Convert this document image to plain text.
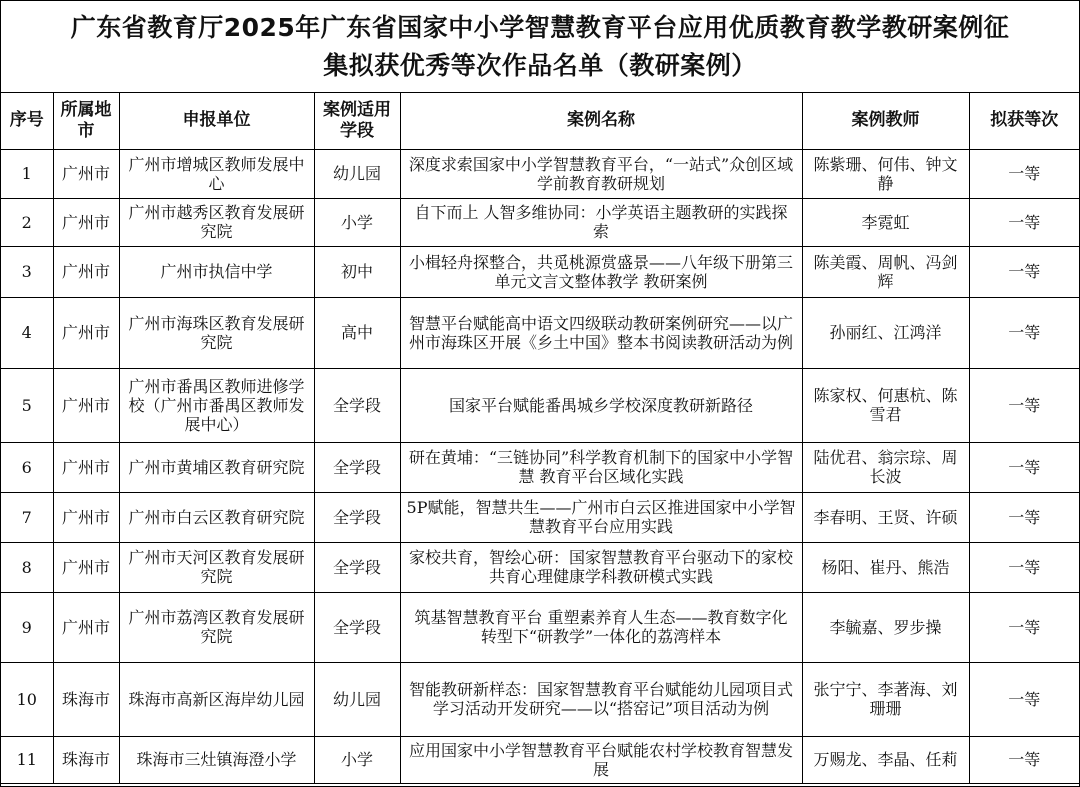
广东省教育厅2025年广东省国家中小学智慧教育平台应用优质教育教学教研案例征
集拟获优秀等次作品名单（教研案例）
序号	所属地市	申报单位	案例适用学段	案例名称	案例教师	拟获等次
1	广州市	广州市增城区教师发展中心	幼儿园	深度求索国家中小学智慧教育平台，“一站式”众创区域学前教育教研规划	陈紫珊、何伟、钟文静	一等
2	广州市	广州市越秀区教育发展研究院	小学	自下而上 人智多维协同：小学英语主题教研的实践探索	李霓虹	一等
3	广州市	广州市执信中学	初中	小楫轻舟探整合，共觅桃源赏盛景——八年级下册第三单元文言文整体教学 教研案例	陈美霞、周帆、冯剑辉	一等
4	广州市	广州市海珠区教育发展研究院	高中	智慧平台赋能高中语文四级联动教研案例研究——以广州市海珠区开展《乡土中国》整本书阅读教研活动为例	孙丽红、江鸿洋	一等
5	广州市	广州市番禺区教师进修学校（广州市番禺区教师发展中心）	全学段	国家平台赋能番禺城乡学校深度教研新路径	陈家权、何惠杭、陈雪君	一等
6	广州市	广州市黄埔区教育研究院	全学段	研在黄埔：“三链协同”科学教育机制下的国家中小学智慧 教育平台区域化实践	陆优君、翁宗琮、周长波	一等
7	广州市	广州市白云区教育研究院	全学段	5P赋能，智慧共生——广州市白云区推进国家中小学智慧教育平台应用实践	李春明、王贤、许硕	一等
8	广州市	广州市天河区教育发展研究院	全学段	家校共育，智绘心研：国家智慧教育平台驱动下的家校共育心理健康学科教研模式实践	杨阳、崔丹、熊浩	一等
9	广州市	广州市荔湾区教育发展研究院	全学段	筑基智慧教育平台 重塑素养育人生态——教育数字化转型下“研教学”一体化的荔湾样本	李毓嘉、罗步操	一等
10	珠海市	珠海市高新区海岸幼儿园	幼儿园	智能教研新样态：国家智慧教育平台赋能幼儿园项目式学习活动开发研究——以“搭窑记”项目活动为例	张宁宁、李著海、刘珊珊	一等
11	珠海市	珠海市三灶镇海澄小学	小学	应用国家中小学智慧教育平台赋能农村学校教育智慧发展	万赐龙、李晶、任莉	一等
